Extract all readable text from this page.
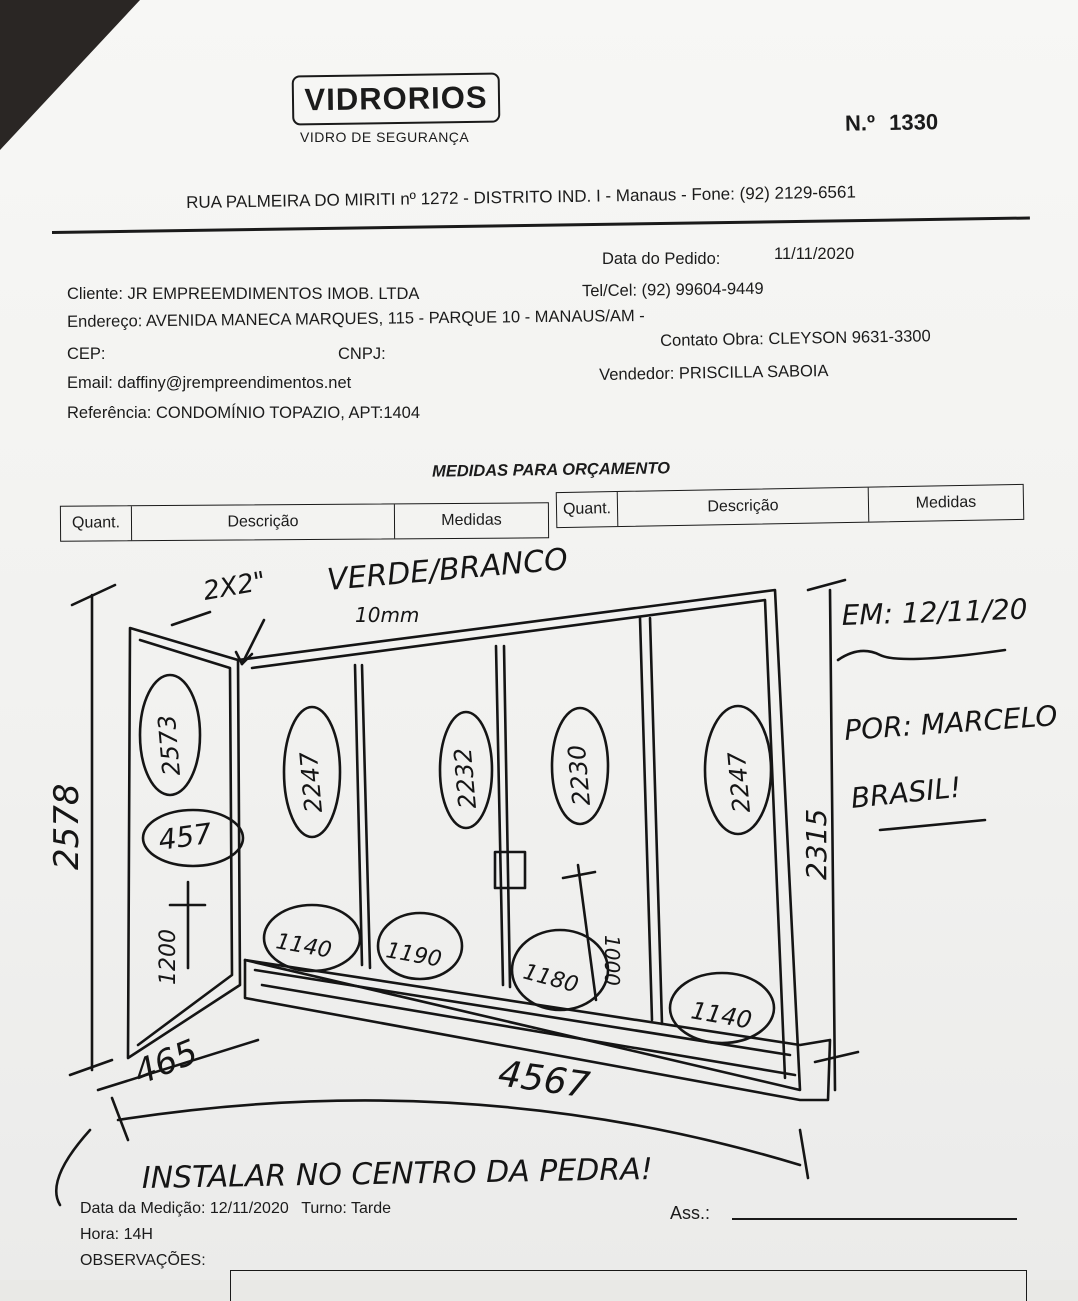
VIDRORIOS
VIDRO DE SEGURANÇA
N.º 1330
RUA PALMEIRA DO MIRITI nº 1272 - DISTRITO IND. I - Manaus - Fone: (92) 2129-6561
Data do Pedido:	11/11/2020
Cliente: JR EMPREEMDIMENTOS IMOB. LTDA	Tel/Cel: (92) 99604-9449
Endereço: AVENIDA MANECA MARQUES, 115 - PARQUE 10 - MANAUS/AM -
CEP:	CNPJ:
Contato Obra: CLEYSON 9631-3300
Email: daffiny@jrempreendimentos.net	Vendedor: PRISCILLA SABOIA
Referência: CONDOMÍNIO TOPAZIO, APT:1404
MEDIDAS PARA ORÇAMENTO
Quant.	Descrição	Medidas
Quant.	Descrição	Medidas
VERDE/BRANCO
10mm
2X2"
EM: 12/11/20
POR: MARCELO
BRASIL!
2578	2315
2573
457
2247	2232	2230	2247
1140 1190
1180
1140
1200	1000
465	4567
INSTALAR NO CENTRO DA PEDRA!
Data da Medição: 12/11/2020 Turno: Tarde
Hora: 14H
Ass.:
OBSERVAÇÕES:
